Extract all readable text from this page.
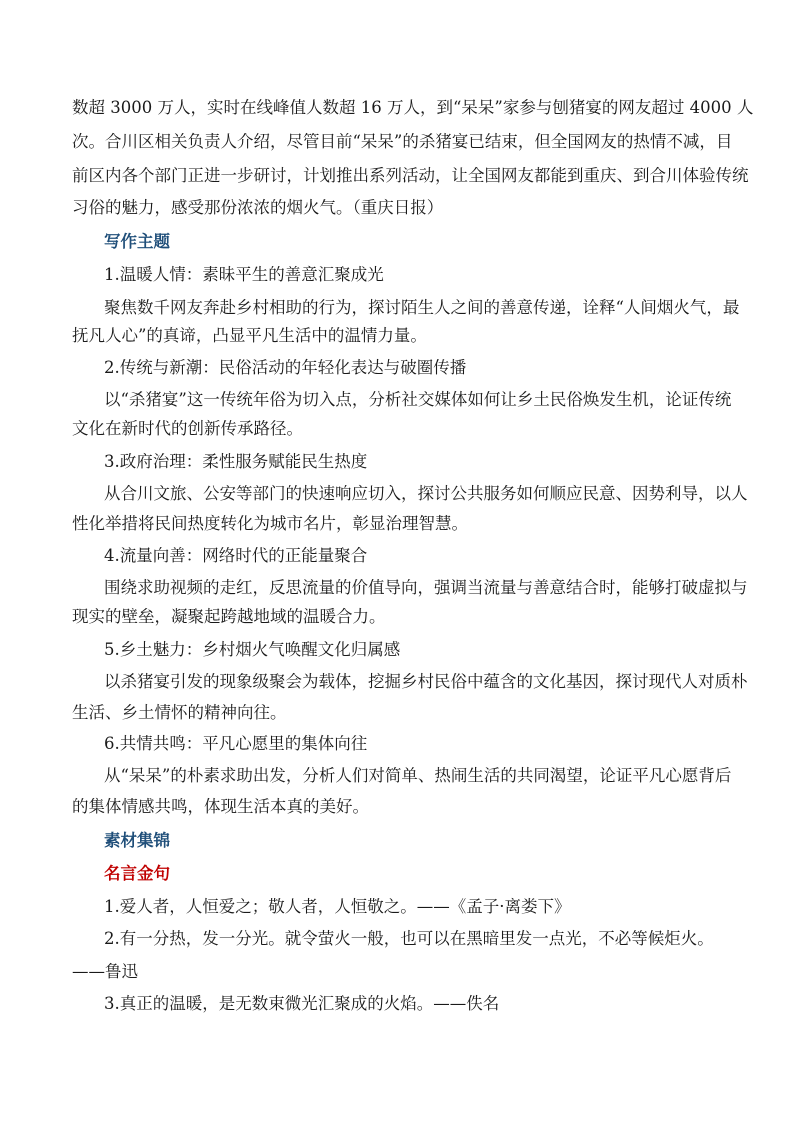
数超 3000 万人，实时在线峰值人数超 16 万人，到“呆呆”家参与刨猪宴的网友超过 4000 人
次。合川区相关负责人介绍，尽管目前“呆呆”的杀猪宴已结束，但全国网友的热情不减，目
前区内各个部门正进一步研讨，计划推出系列活动，让全国网友都能到重庆、到合川体验传统
习俗的魅力，感受那份浓浓的烟火气。（重庆日报）
写作主题
1.温暖人情：素昧平生的善意汇聚成光
聚焦数千网友奔赴乡村相助的行为，探讨陌生人之间的善意传递，诠释“人间烟火气，最
抚凡人心”的真谛，凸显平凡生活中的温情力量。
2.传统与新潮：民俗活动的年轻化表达与破圈传播
以“杀猪宴”这一传统年俗为切入点，分析社交媒体如何让乡土民俗焕发生机，论证传统
文化在新时代的创新传承路径。
3.政府治理：柔性服务赋能民生热度
从合川文旅、公安等部门的快速响应切入，探讨公共服务如何顺应民意、因势利导，以人
性化举措将民间热度转化为城市名片，彰显治理智慧。
4.流量向善：网络时代的正能量聚合
围绕求助视频的走红，反思流量的价值导向，强调当流量与善意结合时，能够打破虚拟与
现实的壁垒，凝聚起跨越地域的温暖合力。
5.乡土魅力：乡村烟火气唤醒文化归属感
以杀猪宴引发的现象级聚会为载体，挖掘乡村民俗中蕴含的文化基因，探讨现代人对质朴
生活、乡土情怀的精神向往。
6.共情共鸣：平凡心愿里的集体向往
从“呆呆”的朴素求助出发，分析人们对简单、热闹生活的共同渴望，论证平凡心愿背后
的集体情感共鸣，体现生活本真的美好。
素材集锦
名言金句
1.爱人者，人恒爱之；敬人者，人恒敬之。——《孟子·离娄下》
2.有一分热，发一分光。就令萤火一般，也可以在黑暗里发一点光，不必等候炬火。
——鲁迅
3.真正的温暖，是无数束微光汇聚成的火焰。——佚名
